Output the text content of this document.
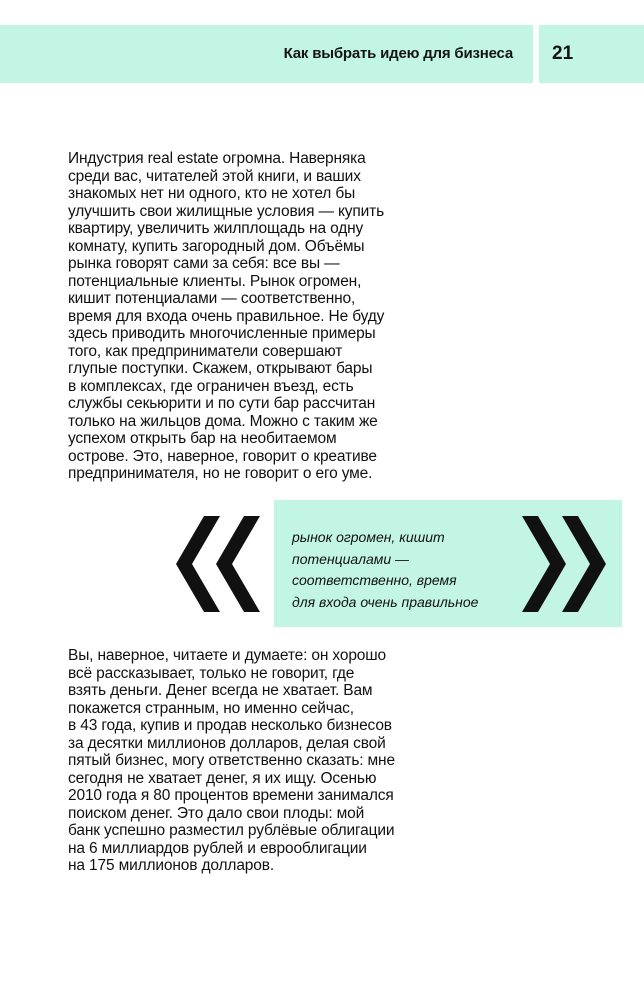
Как выбрать идею для бизнеса 21

Индустрия real estate огромна. Наверняка
среди вас, читателей этой книги, и ваших
знакомых нет ни одного, кто не хотел бы
улучшить свои жилищные условия — купить
квартиру, увеличить жилплощадь на одну
комнату, купить загородный дом. Объёмы
рынка говорят сами за себя: все вы —
потенциальные клиенты. Рынок огромен,
кишит потенциалами — соответственно,
время для входа очень правильное. Не буду
здесь приводить многочисленные примеры
того, как предприниматели совершают
глупые поступки. Скажем, открывают бары
в комплексах, где ограничен въезд, есть
службы секьюрити и по сути бар рассчитан
только на жильцов дома. Можно с таким же
успехом открыть бар на необитаемом
острове. Это, наверное, говорит о креативе
предпринимателя, но не говорит о его уме.

рынок огромен, кишит
потенциалами —
соответственно, время
для входа очень правильное

Вы, наверное, читаете и думаете: он хорошо
всё рассказывает, только не говорит, где
взять деньги. Денег всегда не хватает. Вам
покажется странным, но именно сейчас,
в 43 года, купив и продав несколько бизнесов
за десятки миллионов долларов, делая свой
пятый бизнес, могу ответственно сказать: мне
сегодня не хватает денег, я их ищу. Осенью
2010 года я 80 процентов времени занимался
поиском денег. Это дало свои плоды: мой
банк успешно разместил рублёвые облигации
на 6 миллиардов рублей и еврооблигации
на 175 миллионов долларов.
